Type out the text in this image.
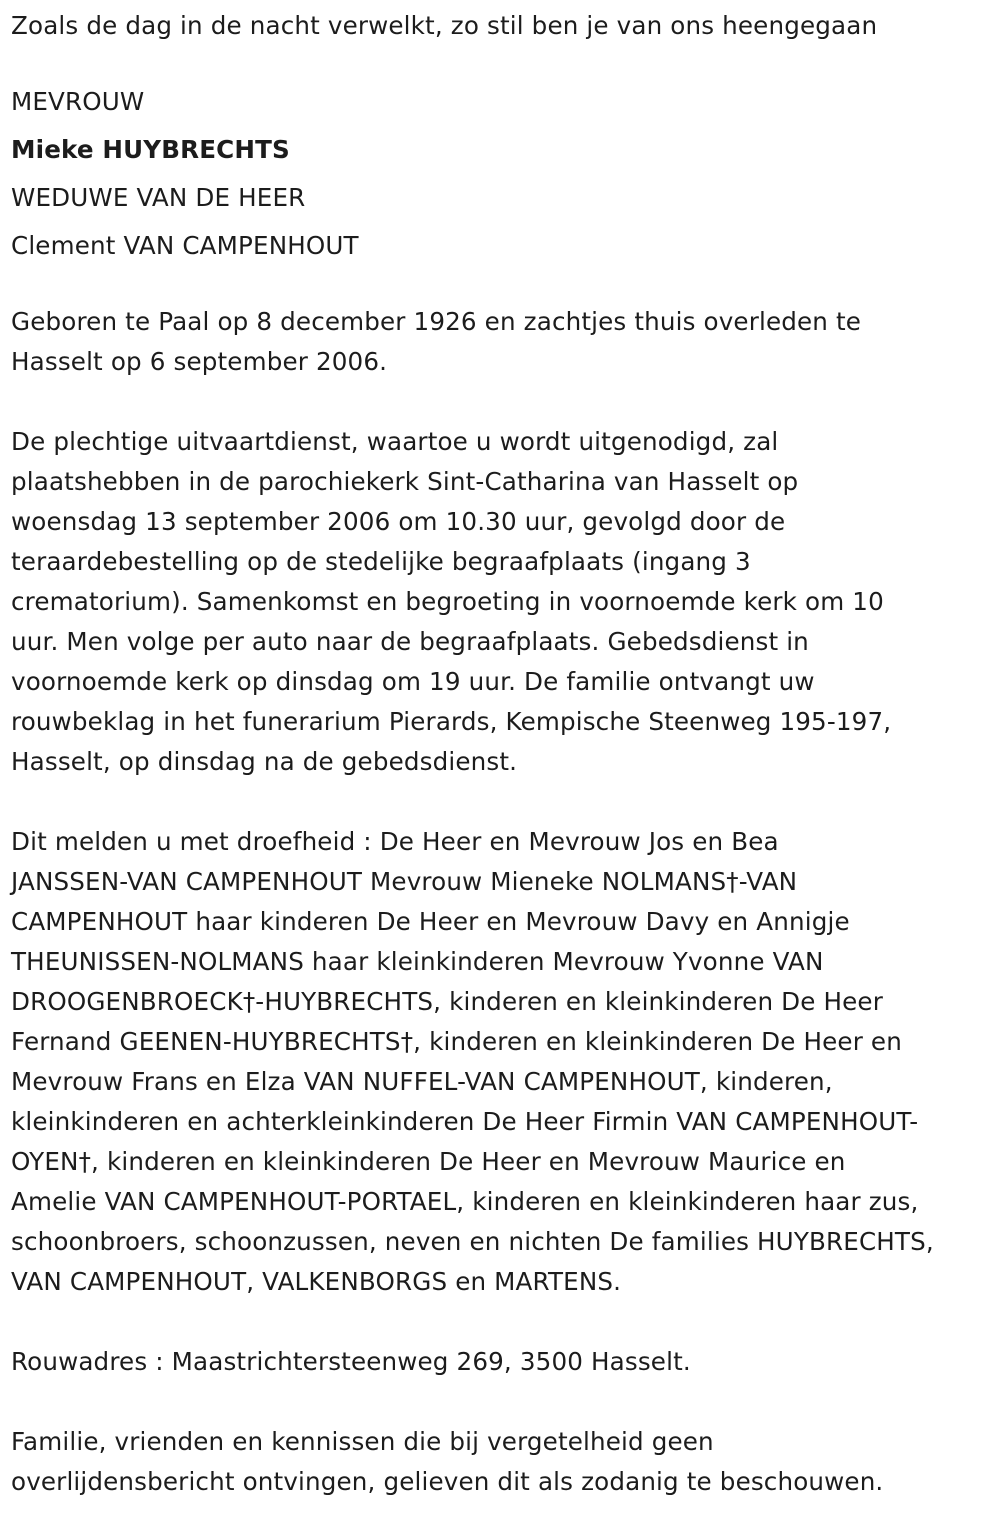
Zoals de dag in de nacht verwelkt, zo stil ben je van ons heengegaan
MEVROUW
Mieke HUYBRECHTS
WEDUWE VAN DE HEER
Clement VAN CAMPENHOUT
Geboren te Paal op 8 december 1926 en zachtjes thuis overleden te
Hasselt op 6 september 2006.
De plechtige uitvaartdienst, waartoe u wordt uitgenodigd, zal
plaatshebben in de parochiekerk Sint-Catharina van Hasselt op
woensdag 13 september 2006 om 10.30 uur, gevolgd door de
teraardebestelling op de stedelijke begraafplaats (ingang 3
crematorium). Samenkomst en begroeting in voornoemde kerk om 10
uur. Men volge per auto naar de begraafplaats. Gebedsdienst in
voornoemde kerk op dinsdag om 19 uur. De familie ontvangt uw
rouwbeklag in het funerarium Pierards, Kempische Steenweg 195-197,
Hasselt, op dinsdag na de gebedsdienst.
Dit melden u met droefheid : De Heer en Mevrouw Jos en Bea
JANSSEN-VAN CAMPENHOUT Mevrouw Mieneke NOLMANS†-VAN
CAMPENHOUT haar kinderen De Heer en Mevrouw Davy en Annigje
THEUNISSEN-NOLMANS haar kleinkinderen Mevrouw Yvonne VAN
DROOGENBROECK†-HUYBRECHTS, kinderen en kleinkinderen De Heer
Fernand GEENEN-HUYBRECHTS†, kinderen en kleinkinderen De Heer en
Mevrouw Frans en Elza VAN NUFFEL-VAN CAMPENHOUT, kinderen,
kleinkinderen en achterkleinkinderen De Heer Firmin VAN CAMPENHOUT-
OYEN†, kinderen en kleinkinderen De Heer en Mevrouw Maurice en
Amelie VAN CAMPENHOUT-PORTAEL, kinderen en kleinkinderen haar zus,
schoonbroers, schoonzussen, neven en nichten De families HUYBRECHTS,
VAN CAMPENHOUT, VALKENBORGS en MARTENS.
Rouwadres : Maastrichtersteenweg 269, 3500 Hasselt.
Familie, vrienden en kennissen die bij vergetelheid geen
overlijdensbericht ontvingen, gelieven dit als zodanig te beschouwen.
